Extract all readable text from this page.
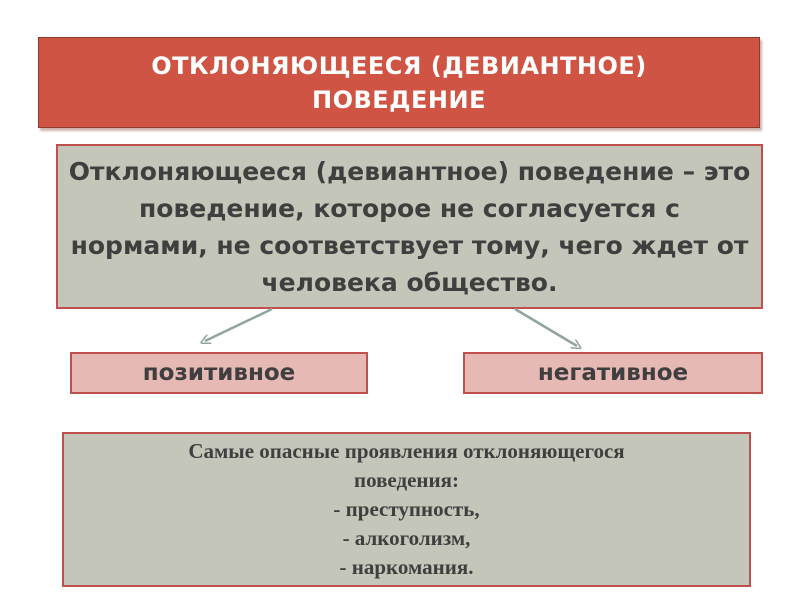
ОТКЛОНЯЮЩЕЕСЯ (ДЕВИАНТНОЕ)
ПОВЕДЕНИЕ
Отклоняющееся (девиантное) поведение – это поведение, которое не согласуется с нормами, не соответствует тому, чего ждет от человека общество.
позитивное	негативное
Самые опасные проявления отклоняющегося
поведения:
- преступность,
- алкоголизм,
- наркомания.
